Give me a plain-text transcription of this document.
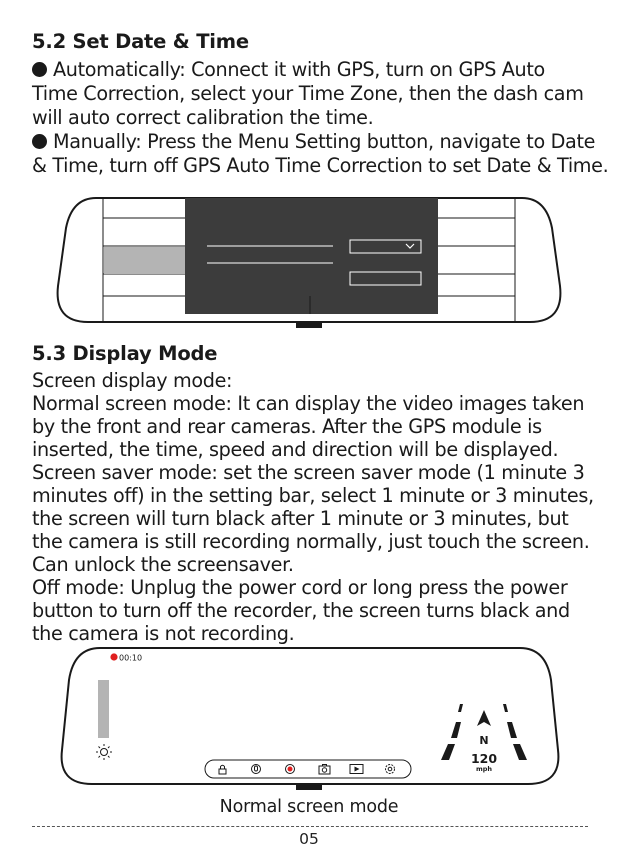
5.2 Set Date & Time
Automatically: Connect it with GPS, turn on GPS Auto
Time Correction, select your Time Zone, then the dash cam
will auto correct calibration the time.
Manually: Press the Menu Setting button, navigate to Date
& Time, turn off GPS Auto Time Correction to set Date & Time.
5.3 Display Mode
Screen display mode:
Normal screen mode: It can display the video images taken
by the front and rear cameras. After the GPS module is
inserted, the time, speed and direction will be displayed.
Screen saver mode: set the screen saver mode (1 minute 3
minutes off) in the setting bar, select 1 minute or 3 minutes,
the screen will turn black after 1 minute or 3 minutes, but
the camera is still recording normally, just touch the screen.
Can unlock the screensaver.
Off mode: Unplug the power cord or long press the power
button to turn off the recorder, the screen turns black and
the camera is not recording.
00:10
N
120
mph
Normal screen mode
05
